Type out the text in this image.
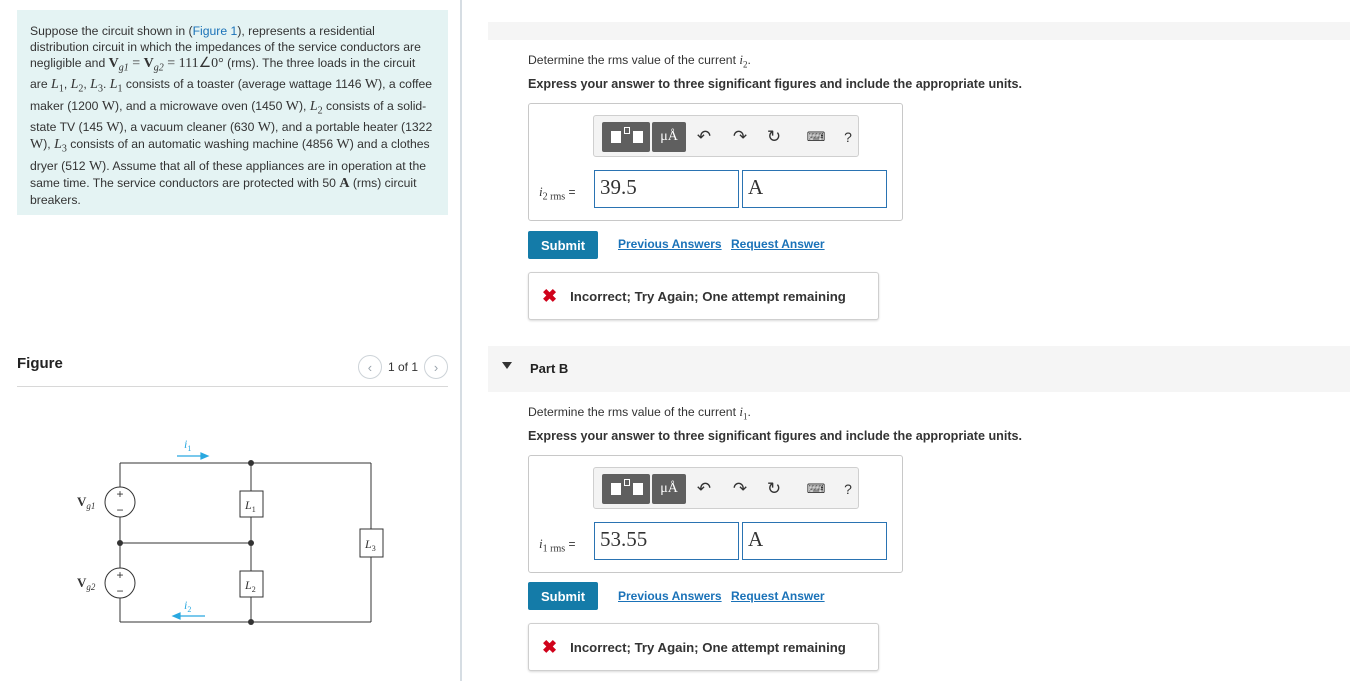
Suppose the circuit shown in (Figure 1), represents a residential distribution circuit in which the impedances of the service conductors are negligible and $V_{g1} = V_{g2}$ = 111∠0° (rms). The three loads in the circuit are $L_1$, $L_2$, $L_3$. $L_1$ consists of a toaster (average wattage 1146 W), a coffee maker (1200 W), and a microwave oven (1450 W), $L_2$ consists of a solid-state TV (145 W), a vacuum cleaner (630 W), and a portable heater (1322 W), $L_3$ consists of an automatic washing machine (4856 W) and a clothes dryer (512 W). Assume that all of these appliances are in operation at the same time. The service conductors are protected with 50 A (rms) circuit breakers.
Figure	‹	1 of 1	›
+
−
+
−
$V_{g1}$
$V_{g2}$
$L_1$
$L_2$
$L_3$
$i_1$
$i_2$
Determine the rms value of the current $i_2$.
Express your answer to three significant figures and include the appropriate units.
μÅ	↶ ↷ ↻ ⌨	?
$i_{2 rms} = 39.5$	A
Submit	Previous Answers Request Answer
✖ Incorrect; Try Again; One attempt remaining
Part B
Determine the rms value of the current $i_1$.
Express your answer to three significant figures and include the appropriate units.
μÅ	↶ ↷ ↻ ⌨	?
$i_{1 rms} = 53.55$	A
Submit	Previous Answers Request Answer
✖ Incorrect; Try Again; One attempt remaining
